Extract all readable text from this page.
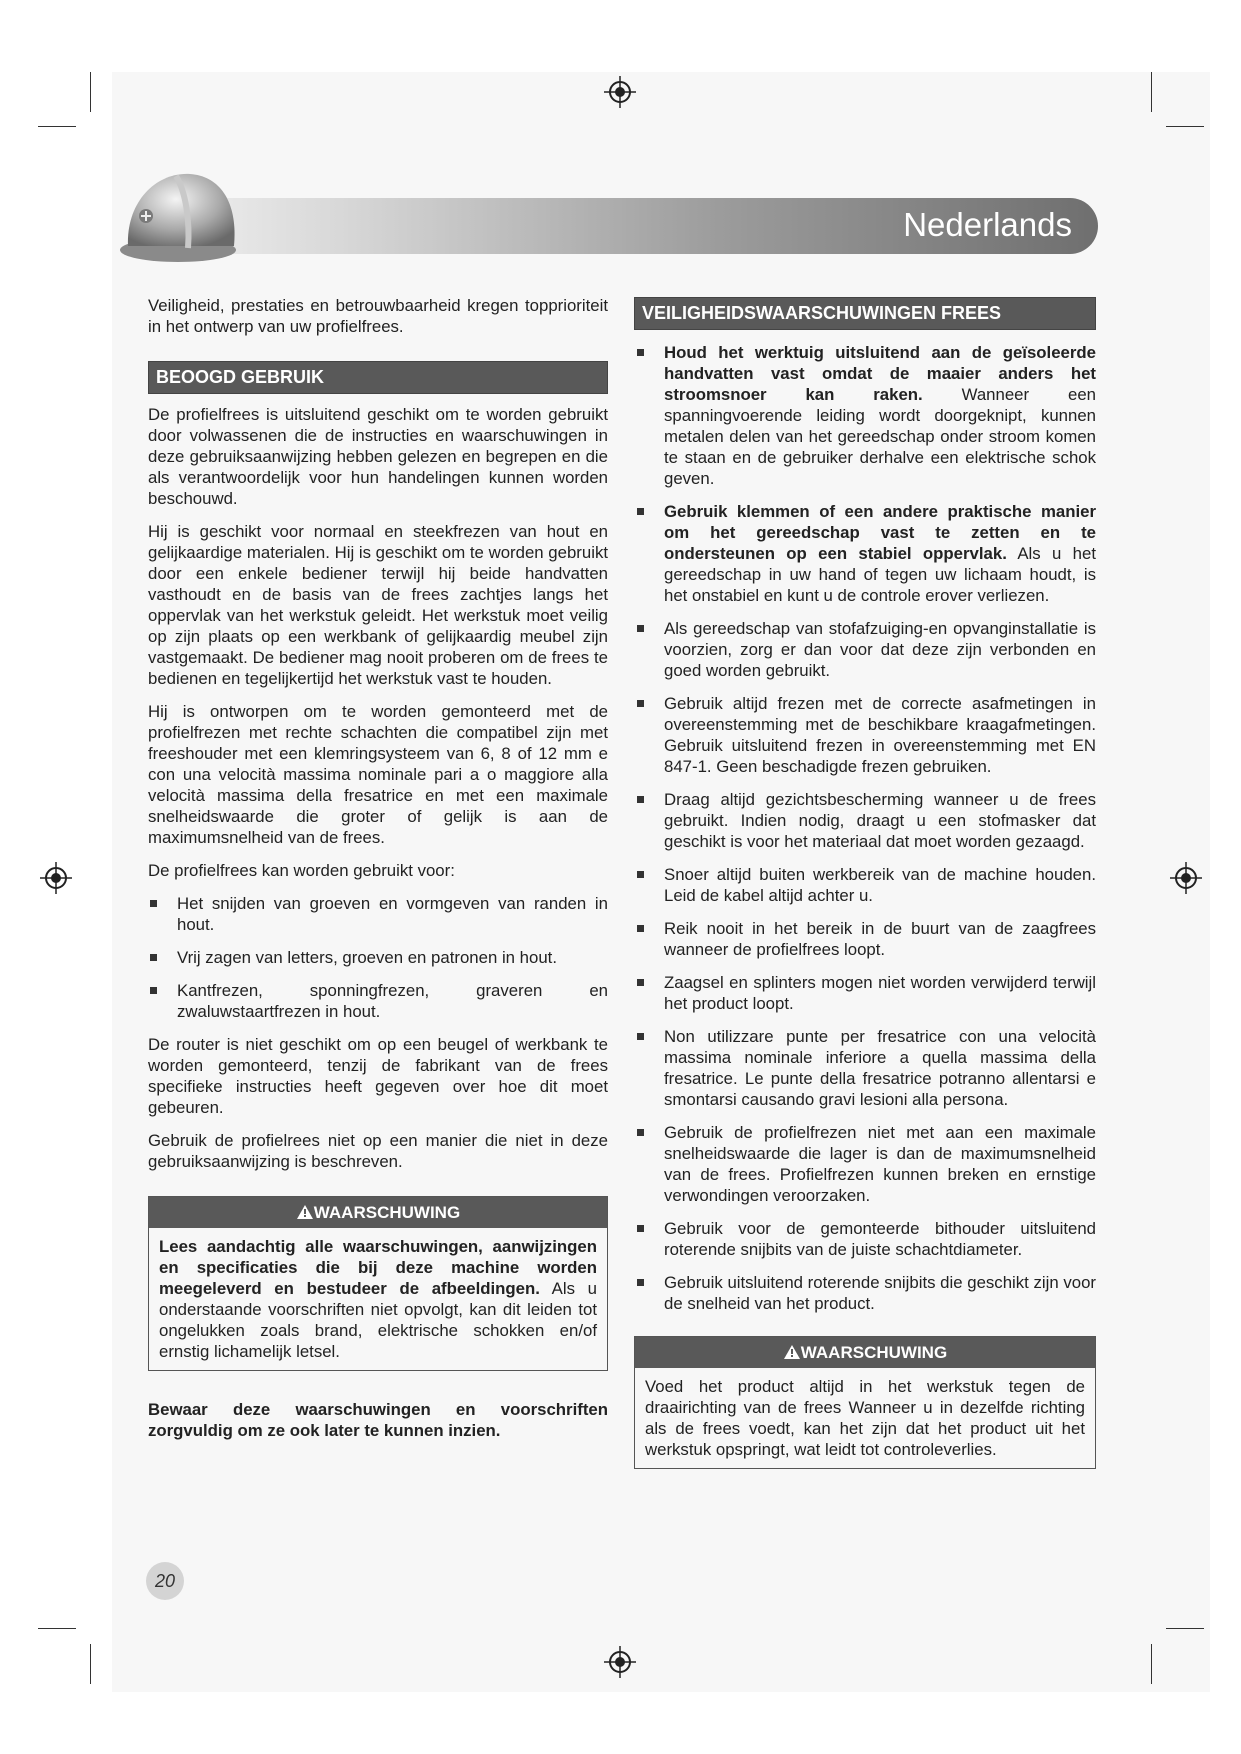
Nederlands

Veiligheid, prestaties en betrouwbaarheid kregen topprioriteit in het ontwerp van uw profielfrees.

BEOOGD GEBRUIK

De profielfrees is uitsluitend geschikt om te worden gebruikt door volwassenen die de instructies en waarschuwingen in deze gebruiksaanwijzing hebben gelezen en begrepen en die als verantwoordelijk voor hun handelingen kunnen worden beschouwd.

Hij is geschikt voor normaal en steekfrezen van hout en gelijkaardige materialen. Hij is geschikt om te worden gebruikt door een enkele bediener terwijl hij beide handvatten vasthoudt en de basis van de frees zachtjes langs het oppervlak van het werkstuk geleidt. Het werkstuk moet veilig op zijn plaats op een werkbank of gelijkaardig meubel zijn vastgemaakt. De bediener mag nooit proberen om de frees te bedienen en tegelijkertijd het werkstuk vast te houden.

Hij is ontworpen om te worden gemonteerd met de profielfrezen met rechte schachten die compatibel zijn met freeshouder met een klemringsysteem van 6, 8 of 12 mm e con una velocità massima nominale pari a o maggiore alla velocità massima della fresatrice en met een maximale snelheidswaarde die groter of gelijk is aan de maximumsnelheid van de frees.

De profielfrees kan worden gebruikt voor:

Het snijden van groeven en vormgeven van randen in hout.
Vrij zagen van letters, groeven en patronen in hout.
Kantfrezen, sponningfrezen, graveren en zwaluwstaartfrezen in hout.

De router is niet geschikt om op een beugel of werkbank te worden gemonteerd, tenzij de fabrikant van de frees specifieke instructies heeft gegeven over hoe dit moet gebeuren.

Gebruik de profielrees niet op een manier die niet in deze gebruiksaanwijzing is beschreven.

WAARSCHUWING
Lees aandachtig alle waarschuwingen, aanwijzingen en specificaties die bij deze machine worden meegeleverd en bestudeer de afbeeldingen. Als u onderstaande voorschriften niet opvolgt, kan dit leiden tot ongelukken zoals brand, elektrische schokken en/of ernstig lichamelijk letsel.

Bewaar deze waarschuwingen en voorschriften zorgvuldig om ze ook later te kunnen inzien.

VEILIGHEIDSWAARSCHUWINGEN FREES
Houd het werktuig uitsluitend aan de geïsoleerde handvatten vast omdat de maaier anders het stroomsnoer kan raken. Wanneer een spanningvoerende leiding wordt doorgeknipt, kunnen metalen delen van het gereedschap onder stroom komen te staan en de gebruiker derhalve een elektrische schok geven.
Gebruik klemmen of een andere praktische manier om het gereedschap vast te zetten en te ondersteunen op een stabiel oppervlak. Als u het gereedschap in uw hand of tegen uw lichaam houdt, is het onstabiel en kunt u de controle erover verliezen.
Als gereedschap van stofafzuiging-en opvanginstallatie is voorzien, zorg er dan voor dat deze zijn verbonden en goed worden gebruikt.
Gebruik altijd frezen met de correcte asafmetingen in overeenstemming met de beschikbare kraagafmetingen. Gebruik uitsluitend frezen in overeenstemming met EN 847-1. Geen beschadigde frezen gebruiken.
Draag altijd gezichtsbescherming wanneer u de frees gebruikt. Indien nodig, draagt u een stofmasker dat geschikt is voor het materiaal dat moet worden gezaagd.
Snoer altijd buiten werkbereik van de machine houden. Leid de kabel altijd achter u.
Reik nooit in het bereik in de buurt van de zaagfrees wanneer de profielfrees loopt.
Zaagsel en splinters mogen niet worden verwijderd terwijl het product loopt.
Non utilizzare punte per fresatrice con una velocità massima nominale inferiore a quella massima della fresatrice. Le punte della fresatrice potranno allentarsi e smontarsi causando gravi lesioni alla persona.
Gebruik de profielfrezen niet met aan een maximale snelheidswaarde die lager is dan de maximumsnelheid van de frees. Profielfrezen kunnen breken en ernstige verwondingen veroorzaken.
Gebruik voor de gemonteerde bithouder uitsluitend roterende snijbits van de juiste schachtdiameter.
Gebruik uitsluitend roterende snijbits die geschikt zijn voor de snelheid van het product.
WAARSCHUWING
Voed het product altijd in het werkstuk tegen de draairichting van de frees Wanneer u in dezelfde richting als de frees voedt, kan het zijn dat het product uit het werkstuk opspringt, wat leidt tot controleverlies.
20
